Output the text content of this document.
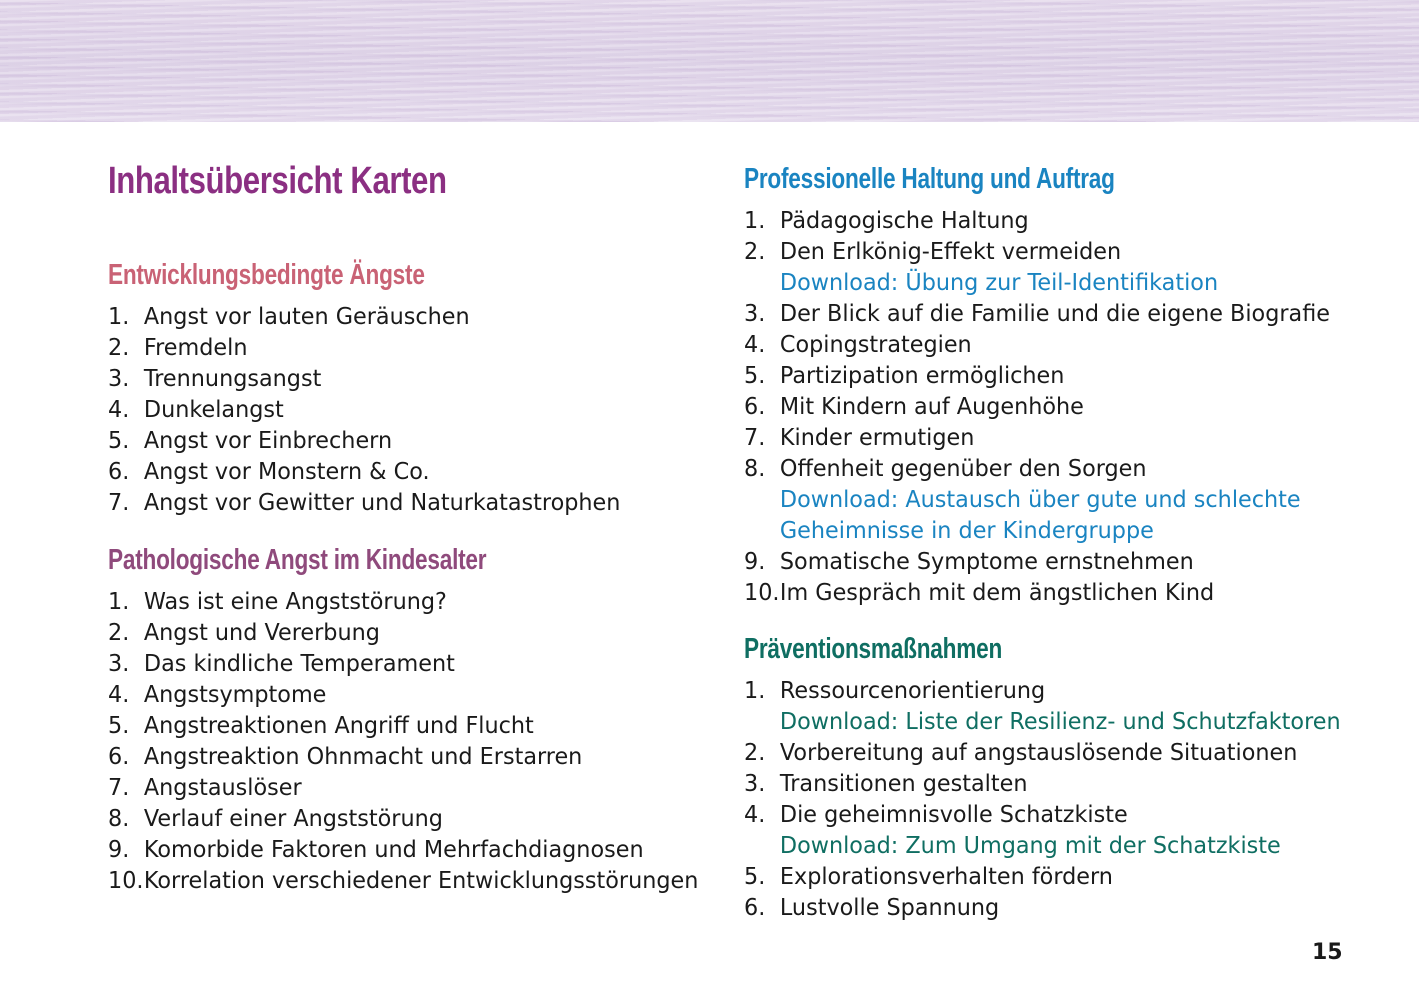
Inhaltsübersicht Karten
Entwicklungsbedingte Ängste
1. Angst vor lauten Geräuschen
2. Fremdeln
3. Trennungsangst
4. Dunkelangst
5. Angst vor Einbrechern
6. Angst vor Monstern & Co.
7. Angst vor Gewitter und Naturkatastrophen
Pathologische Angst im Kindesalter
1. Was ist eine Angststörung?
2. Angst und Vererbung
3. Das kindliche Temperament
4. Angstsymptome
5. Angstreaktionen Angriff und Flucht
6. Angstreaktion Ohnmacht und Erstarren
7. Angstauslöser
8. Verlauf einer Angststörung
9. Komorbide Faktoren und Mehrfachdiagnosen
10. Korrelation verschiedener Entwicklungsstörungen
Professionelle Haltung und Auftrag
1. Pädagogische Haltung
2. Den Erlkönig-Effekt vermeiden
Download: Übung zur Teil-Identifikation
3. Der Blick auf die Familie und die eigene Biografie
4. Copingstrategien
5. Partizipation ermöglichen
6. Mit Kindern auf Augenhöhe
7. Kinder ermutigen
8. Offenheit gegenüber den Sorgen
Download: Austausch über gute und schlechte
Geheimnisse in der Kindergruppe
9. Somatische Symptome ernstnehmen
10. Im Gespräch mit dem ängstlichen Kind
Präventionsmaßnahmen
1. Ressourcenorientierung
Download: Liste der Resilienz- und Schutzfaktoren
2. Vorbereitung auf angstauslösende Situationen
3. Transitionen gestalten
4. Die geheimnisvolle Schatzkiste
Download: Zum Umgang mit der Schatzkiste
5. Explorationsverhalten fördern
6. Lustvolle Spannung
15
